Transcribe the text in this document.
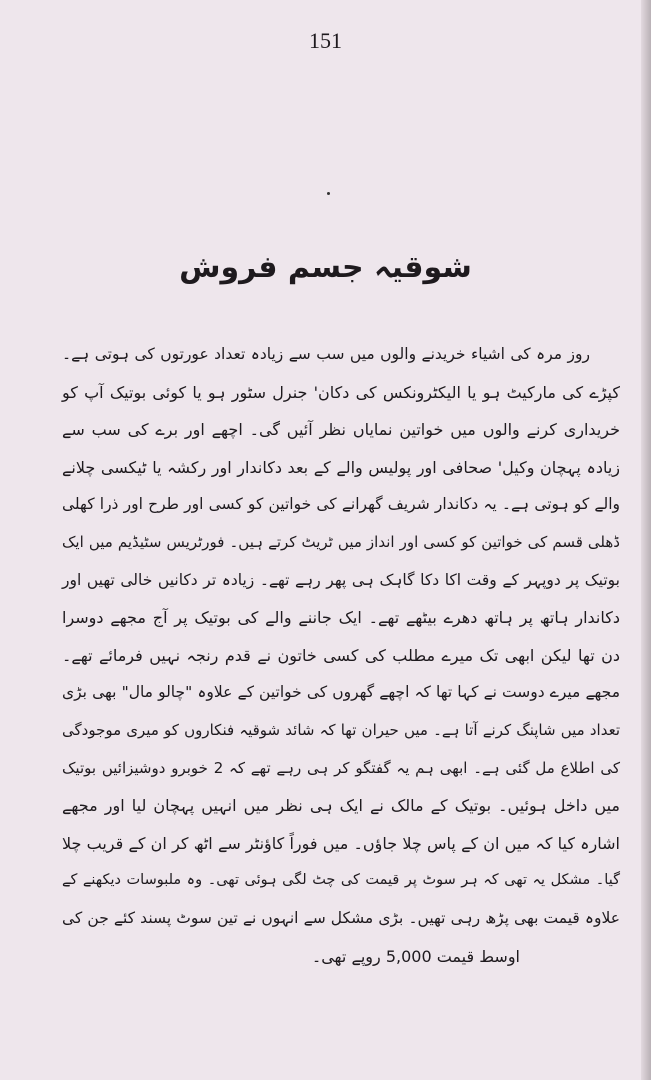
151
شوقیہ جسم فروش
روز مرہ کی اشیاء خریدنے والوں میں سب سے زیادہ تعداد عورتوں کی ہوتی ہے۔
کپڑے کی مارکیٹ ہو یا الیکٹرونکس کی دکان' جنرل سٹور ہو یا کوئی بوتیک آپ کو
خریداری کرنے والوں میں خواتین نمایاں نظر آئیں گی۔ اچھے اور برے کی سب سے
زیادہ پہچان وکیل' صحافی اور پولیس والے کے بعد دکاندار اور رکشہ یا ٹیکسی چلانے
والے کو ہوتی ہے۔ یہ دکاندار شریف گھرانے کی خواتین کو کسی اور طرح اور ذرا کھلی
ڈھلی قسم کی خواتین کو کسی اور انداز میں ٹریٹ کرتے ہیں۔ فورٹریس سٹیڈیم میں ایک
بوتیک پر دوپہر کے وقت اکا دکا گاہک ہی پھر رہے تھے۔ زیادہ تر دکانیں خالی تھیں اور
دکاندار ہاتھ پر ہاتھ دھرے بیٹھے تھے۔ ایک جاننے والے کی بوتیک پر آج مجھے دوسرا
دن تھا لیکن ابھی تک میرے مطلب کی کسی خاتون نے قدم رنجہ نہیں فرمائے تھے۔
مجھے میرے دوست نے کہا تھا کہ اچھے گھروں کی خواتین کے علاوہ "چالو مال" بھی بڑی
تعداد میں شاپنگ کرنے آتا ہے۔ میں حیران تھا کہ شائد شوقیہ فنکاروں کو میری موجودگی
کی اطلاع مل گئی ہے۔ ابھی ہم یہ گفتگو کر ہی رہے تھے کہ 2 خوبرو دوشیزائیں بوتیک
میں داخل ہوئیں۔ بوتیک کے مالک نے ایک ہی نظر میں انہیں پہچان لیا اور مجھے
اشارہ کیا کہ میں ان کے پاس چلا جاؤں۔ میں فوراً کاؤنٹر سے اٹھ کر ان کے قریب چلا
گیا۔ مشکل یہ تھی کہ ہر سوٹ پر قیمت کی چٹ لگی ہوئی تھی۔ وہ ملبوسات دیکھنے کے
علاوہ قیمت بھی پڑھ رہی تھیں۔ بڑی مشکل سے انہوں نے تین سوٹ پسند کئے جن کی
اوسط قیمت 5,000 روپے تھی۔
